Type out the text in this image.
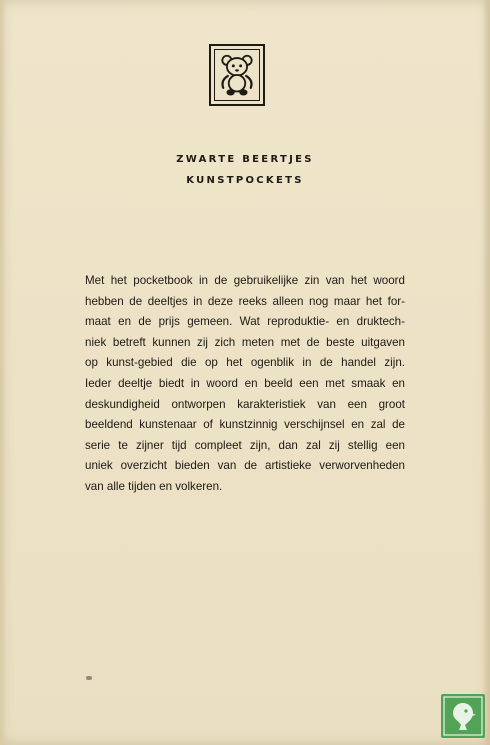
ZWARTE BEERTJES
KUNSTPOCKETS
Met het pocketbook in de gebruikelijke zin van het woord
hebben de deeltjes in deze reeks alleen nog maar het for-
maat en de prijs gemeen. Wat reproduktie- en druktech-
niek betreft kunnen zij zich meten met de beste uitgaven
op kunst-gebied die op het ogenblik in de handel zijn.
Ieder deeltje biedt in woord en beeld een met smaak en
deskundigheid ontworpen karakteristiek van een groot
beeldend kunstenaar of kunstzinnig verschijnsel en zal de
serie te zijner tijd compleet zijn, dan zal zij stellig een
uniek overzicht bieden van de artistieke verworvenheden
van alle tijden en volkeren.
